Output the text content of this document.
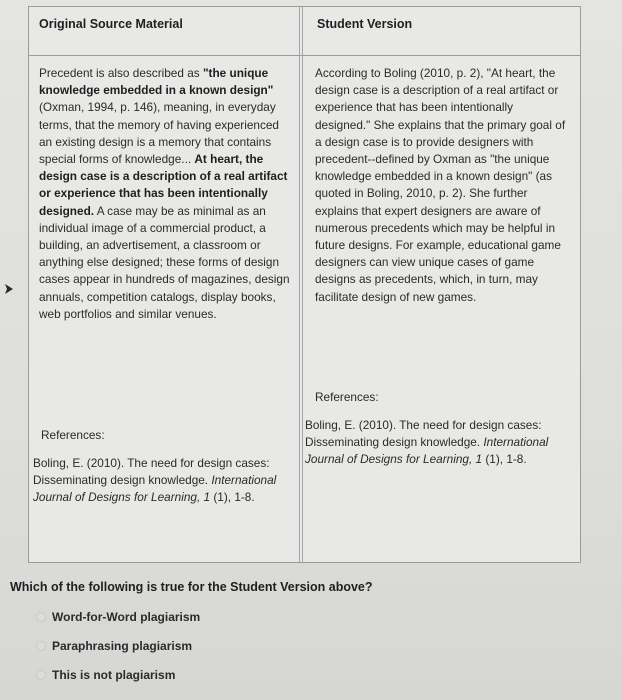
Original Source Material	Student Version

Precedent is also described as "the unique knowledge embedded in a known design" (Oxman, 1994, p. 146), meaning, in everyday terms, that the memory of having experienced an existing design is a memory that contains special forms of knowledge... At heart, the design case is a description of a real artifact or experience that has been intentionally designed. A case may be as minimal as an individual image of a commercial product, a building, an advertisement, a classroom or anything else designed; these forms of design cases appear in hundreds of magazines, design annuals, competition catalogs, display books, web portfolios and similar venues.

References:
Boling, E. (2010). The need for design cases: Disseminating design knowledge. International Journal of Designs for Learning, 1 (1), 1-8.

According to Boling (2010, p. 2), "At heart, the design case is a description of a real artifact or experience that has been intentionally designed." She explains that the primary goal of a design case is to provide designers with precedent--defined by Oxman as "the unique knowledge embedded in a known design" (as quoted in Boling, 2010, p. 2). She further explains that expert designers are aware of numerous precedents which may be helpful in future designs. For example, educational game designers can view unique cases of game designs as precedents, which, in turn, may facilitate design of new games.

References:
Boling, E. (2010). The need for design cases: Disseminating design knowledge. International Journal of Designs for Learning, 1 (1), 1-8.
Which of the following is true for the Student Version above?
Word-for-Word plagiarism
Paraphrasing plagiarism
This is not plagiarism
